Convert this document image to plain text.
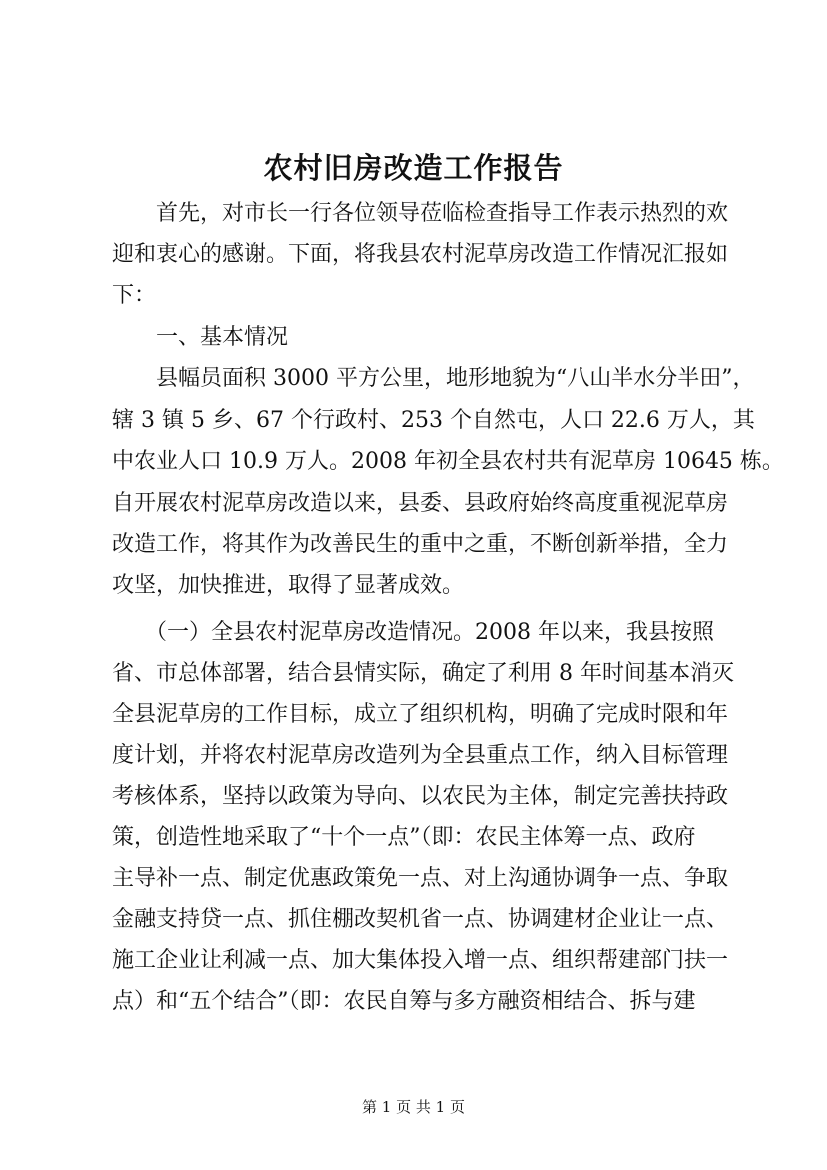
农村旧房改造工作报告
　　首先，对市长一行各位领导莅临检查指导工作表示热烈的欢
迎和衷心的感谢。下面，将我县农村泥草房改造工作情况汇报如
下：
　　一、基本情况
　　县幅员面积 3000 平方公里，地形地貌为“八山半水分半田”，
辖 3 镇 5 乡、67 个行政村、253 个自然屯，人口 22.6 万人，其
中农业人口 10.9 万人。2008 年初全县农村共有泥草房 10645 栋。
自开展农村泥草房改造以来，县委、县政府始终高度重视泥草房
改造工作，将其作为改善民生的重中之重，不断创新举措，全力
攻坚，加快推进，取得了显著成效。
　　（一）全县农村泥草房改造情况。2008 年以来，我县按照
省、市总体部署，结合县情实际，确定了利用 8 年时间基本消灭
全县泥草房的工作目标，成立了组织机构，明确了完成时限和年
度计划，并将农村泥草房改造列为全县重点工作，纳入目标管理
考核体系，坚持以政策为导向、以农民为主体，制定完善扶持政
策，创造性地采取了“十个一点”（即：农民主体筹一点、政府
主导补一点、制定优惠政策免一点、对上沟通协调争一点、争取
金融支持贷一点、抓住棚改契机省一点、协调建材企业让一点、
施工企业让利减一点、加大集体投入增一点、组织帮建部门扶一
点）和“五个结合”（即：农民自筹与多方融资相结合、拆与建
第 1 页 共 1 页
